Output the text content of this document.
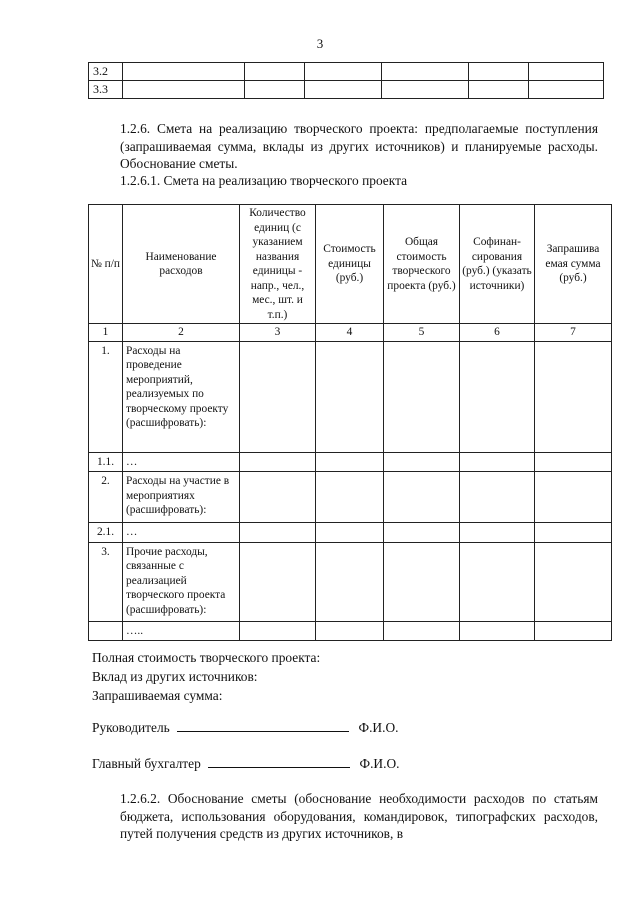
3
3.2						
3.3						
1.2.6. Смета на реализацию творческого проекта: предполагаемые поступления (запрашиваемая сумма, вклады из других источников) и планируемые расходы. Обоснование сметы.
1.2.6.1. Смета на реализацию творческого проекта
№ п/п	Наименование расходов	Количество единиц (с указанием названия единицы - напр., чел., мес., шт. и т.п.)	Стоимость единицы (руб.)	Общая стоимость творческого проекта (руб.)	Софинан-сирования (руб.) (указать источники)	Запрашива емая сумма (руб.)
1	2	3	4	5	6	7
1.	Расходы на проведение мероприятий, реализуемых по творческому проекту (расшифровать):					
1.1.	…					
2.	Расходы на участие в мероприятиях (расшифровать):					
2.1.	…					
3.	Прочие расходы, связанные с реализацией творческого проекта (расшифровать):					
	…..					
Полная стоимость творческого проекта:
Вклад из других источников:
Запрашиваемая сумма:
Руководитель	Ф.И.О.
Главный бухгалтер	Ф.И.О.
1.2.6.2. Обоснование сметы (обоснование необходимости расходов по статьям бюджета, использования оборудования, командировок, типографских расходов, путей получения средств из других источников, в
